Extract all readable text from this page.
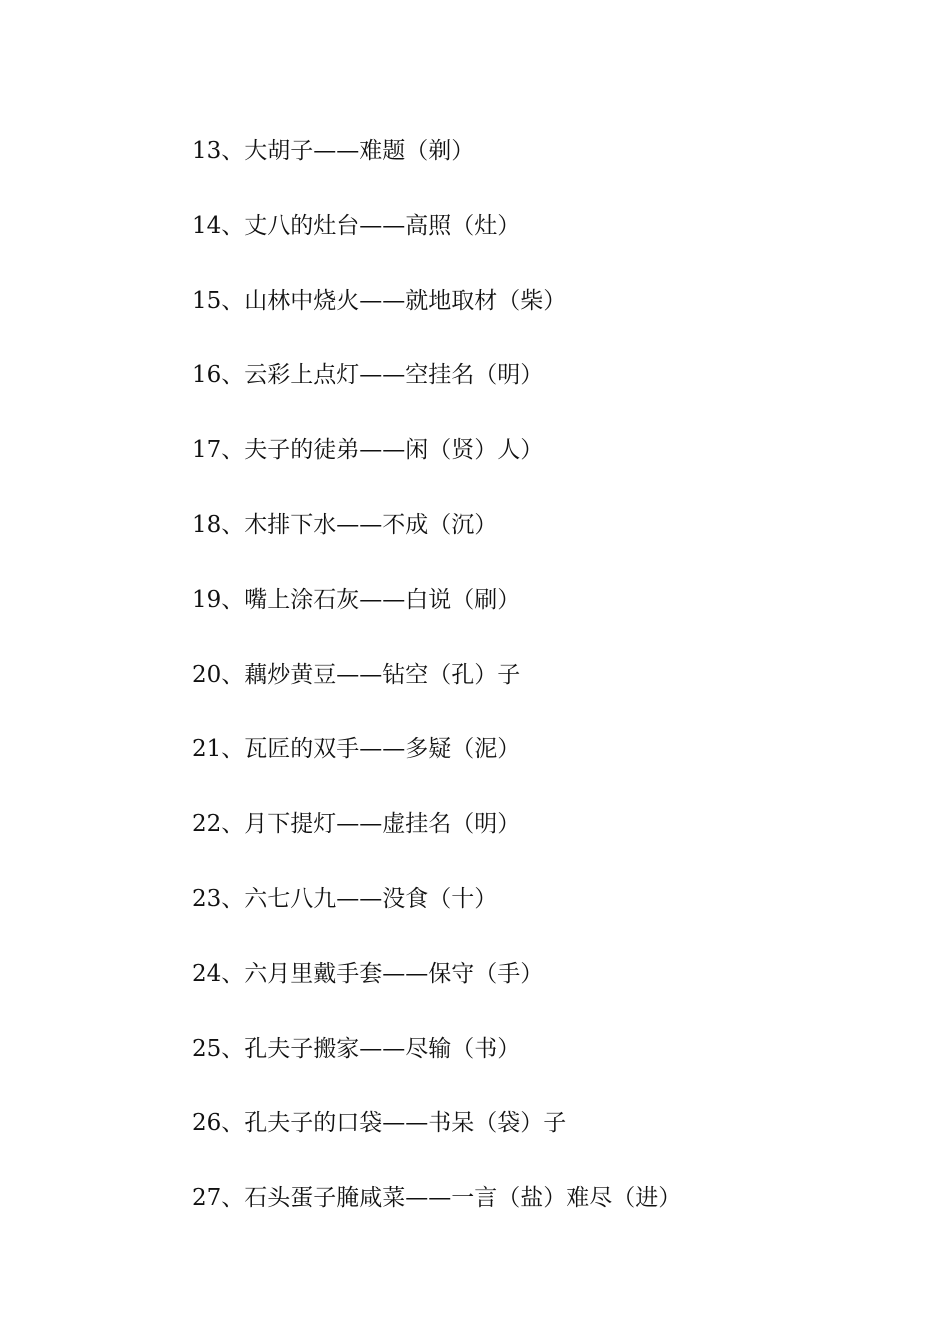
13、大胡子——难题（剃）
14、丈八的灶台——高照（灶）
15、山林中烧火——就地取材（柴）
16、云彩上点灯——空挂名（明）
17、夫子的徒弟——闲（贤）人）
18、木排下水——不成（沉）
19、嘴上涂石灰——白说（刷）
20、藕炒黄豆——钻空（孔）子
21、瓦匠的双手——多疑（泥）
22、月下提灯——虚挂名（明）
23、六七八九——没食（十）
24、六月里戴手套——保守（手）
25、孔夫子搬家——尽输（书）
26、孔夫子的口袋——书呆（袋）子
27、石头蛋子腌咸菜——一言（盐）难尽（进）
